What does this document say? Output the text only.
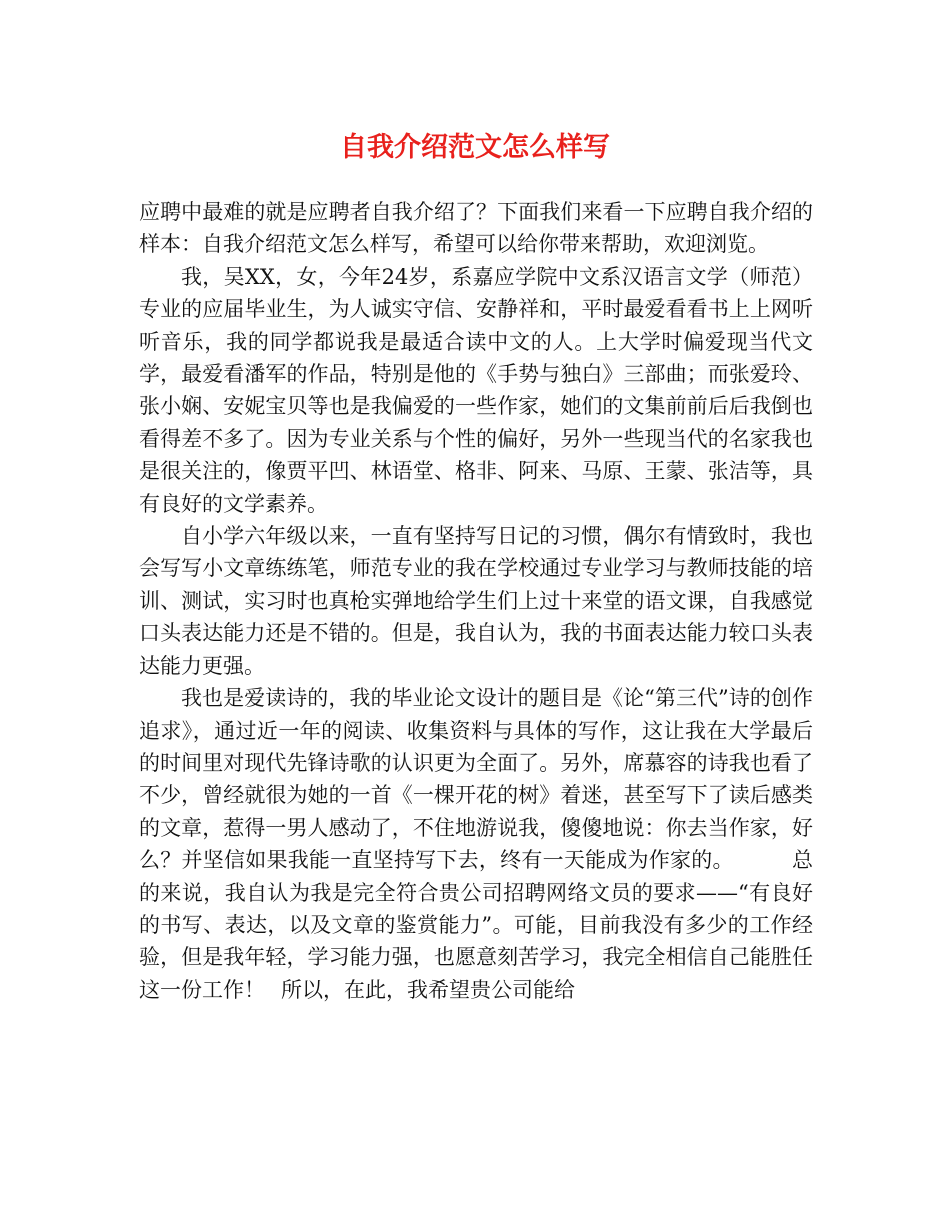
自我介绍范文怎么样写

应聘中最难的就是应聘者自我介绍了？下面我们来看一下应聘自我介绍的样本：自我介绍范文怎么样写，希望可以给你带来帮助，欢迎浏览。

我，吴XX，女，今年24岁，系嘉应学院中文系汉语言文学（师范）专业的应届毕业生，为人诚实守信、安静祥和，平时最爱看看书上上网听听音乐，我的同学都说我是最适合读中文的人。上大学时偏爱现当代文学，最爱看潘军的作品，特别是他的《手势与独白》三部曲；而张爱玲、张小娴、安妮宝贝等也是我偏爱的一些作家，她们的文集前前后后我倒也看得差不多了。因为专业关系与个性的偏好，另外一些现当代的名家我也是很关注的，像贾平凹、林语堂、格非、阿来、马原、王蒙、张洁等，具有良好的文学素养。

自小学六年级以来，一直有坚持写日记的习惯，偶尔有情致时，我也会写写小文章练练笔，师范专业的我在学校通过专业学习与教师技能的培训、测试，实习时也真枪实弹地给学生们上过十来堂的语文课，自我感觉口头表达能力还是不错的。但是，我自认为，我的书面表达能力较口头表达能力更强。

我也是爱读诗的，我的毕业论文设计的题目是《论“第三代”诗的创作追求》，通过近一年的阅读、收集资料与具体的写作，这让我在大学最后的时间里对现代先锋诗歌的认识更为全面了。另外，席慕容的诗我也看了不少，曾经就很为她的一首《一棵开花的树》着迷，甚至写下了读后感类的文章，惹得一男人感动了，不住地游说我，傻傻地说：你去当作家，好么？并坚信如果我能一直坚持写下去，终有一天能成为作家的。	总的来说，我自认为我是完全符合贵公司招聘网络文员的要求——“有良好的书写、表达，以及文章的鉴赏能力”。可能，目前我没有多少的工作经验，但是我年轻，学习能力强，也愿意刻苦学习，我完全相信自己能胜任这一份工作！ 所以，在此，我希望贵公司能给
